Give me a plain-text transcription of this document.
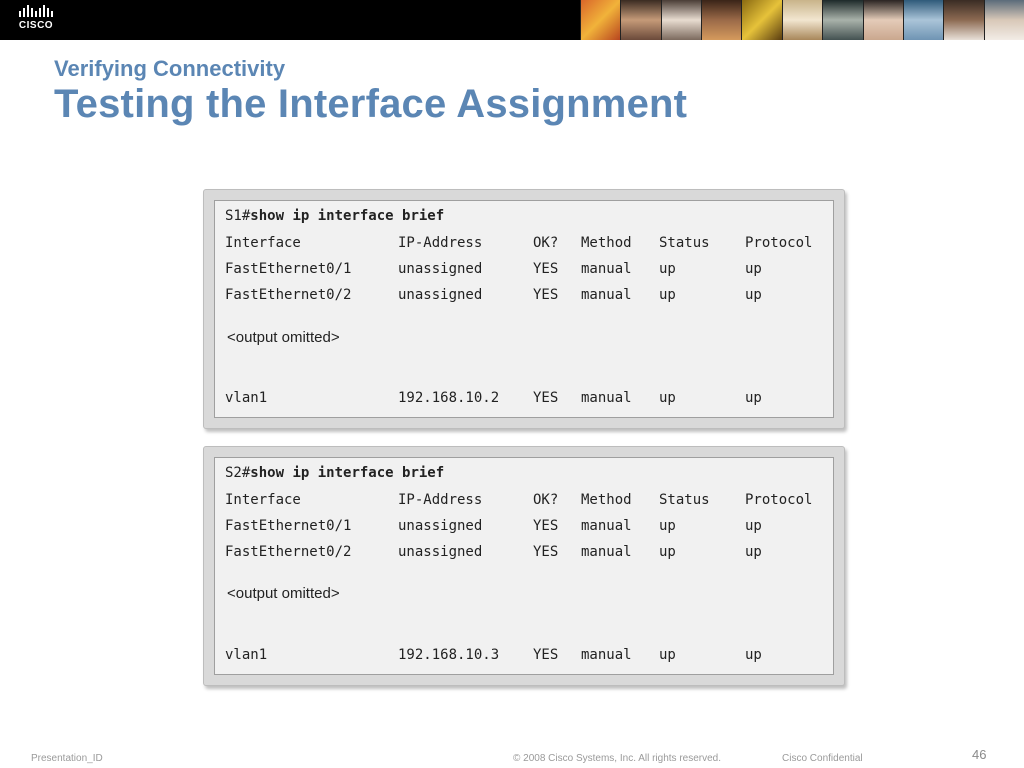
CISCO
Verifying Connectivity
Testing the Interface Assignment
S1#show ip interface brief
Interface	IP-Address	OK? Method Status	Protocol
FastEthernet0/1	unassigned	YES manual up	up
FastEthernet0/2	unassigned	YES manual up	up
<output omitted>
vlan1	192.168.10.2 YES manual up	up
S2#show ip interface brief
Interface	IP-Address	OK? Method Status	Protocol
FastEthernet0/1	unassigned	YES manual up	up
FastEthernet0/2	unassigned	YES manual up	up
<output omitted>
vlan1	192.168.10.3 YES manual up	up
Presentation_ID	© 2008 Cisco Systems, Inc. All rights reserved.	Cisco Confidential	46
